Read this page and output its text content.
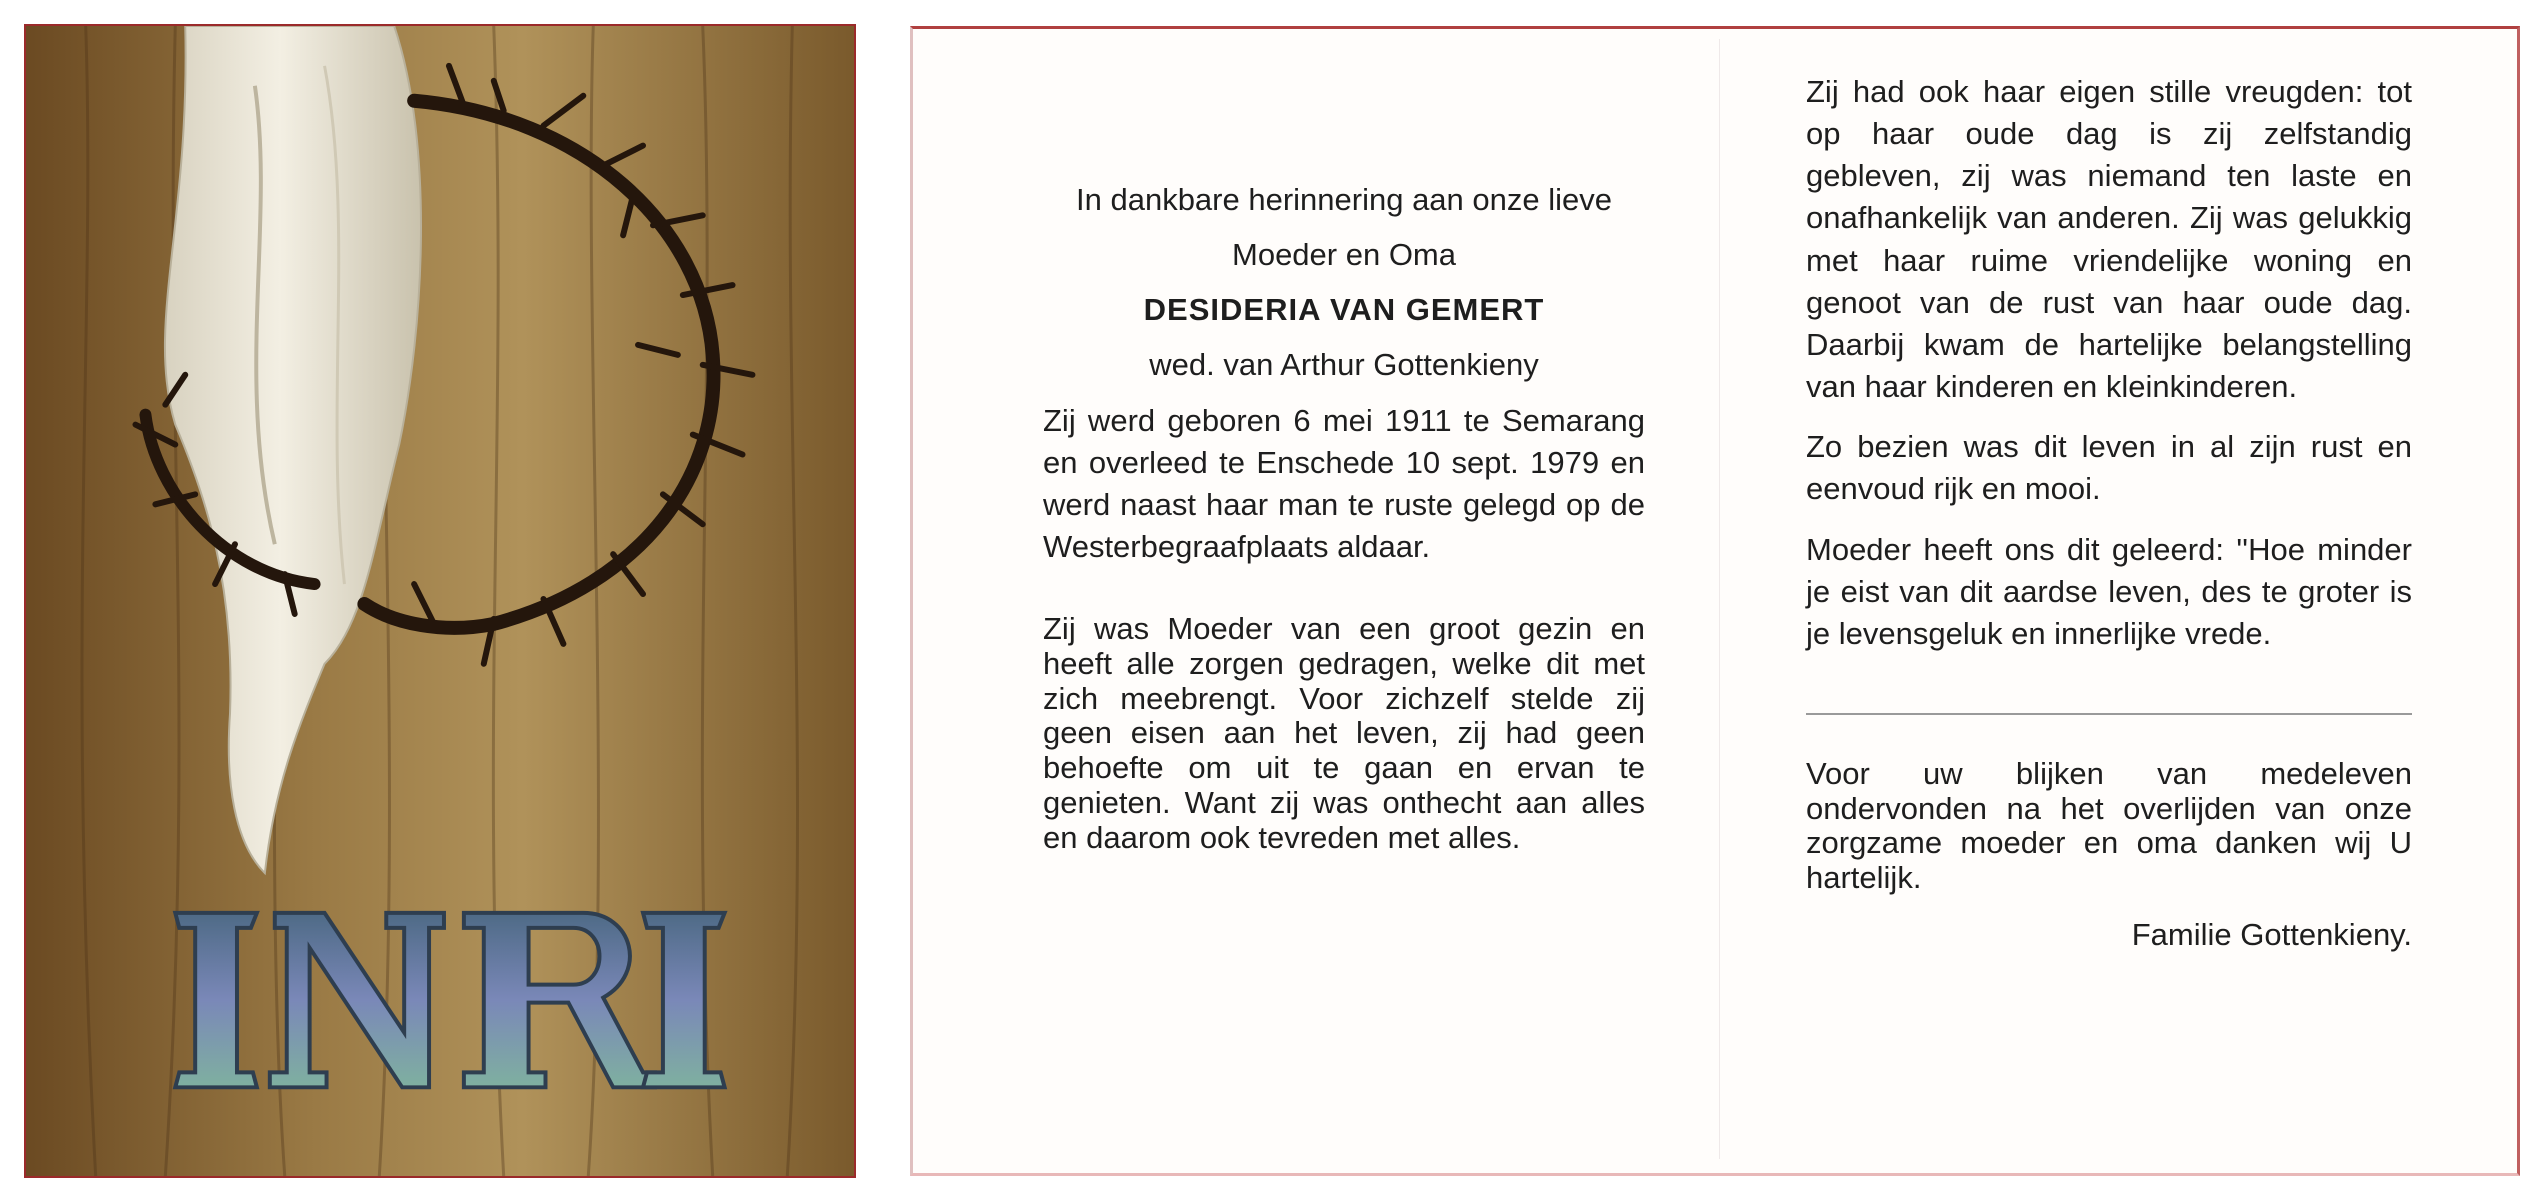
In dankbare herinnering aan onze lieve

Moeder en Oma

DESIDERIA VAN GEMERT

wed. van Arthur Gottenkieny

Zij werd geboren 6 mei 1911 te Semarang en overleed te Enschede 10 sept. 1979 en werd naast haar man te ruste gelegd op de Westerbegraafplaats aldaar.

Zij was Moeder van een groot gezin en heeft alle zorgen gedragen, welke dit met zich meebrengt. Voor zichzelf stelde zij geen eisen aan het leven, zij had geen behoefte om uit te gaan en ervan te genieten. Want zij was onthecht aan alles en daarom ook tevreden met alles.

Zij had ook haar eigen stille vreugden: tot op haar oude dag is zij zelfstandig gebleven, zij was niemand ten laste en onafhankelijk van anderen. Zij was gelukkig met haar ruime vriendelijke woning en genoot van de rust van haar oude dag. Daarbij kwam de hartelijke belangstelling van haar kinderen en kleinkinderen.

Zo bezien was dit leven in al zijn rust en eenvoud rijk en mooi.

Moeder heeft ons dit geleerd: ''Hoe minder je eist van dit aardse leven, des te groter is je levensgeluk en innerlijke vrede.

Voor uw blijken van medeleven ondervonden na het overlijden van onze zorgzame moeder en oma danken wij U hartelijk.

Familie Gottenkieny.
